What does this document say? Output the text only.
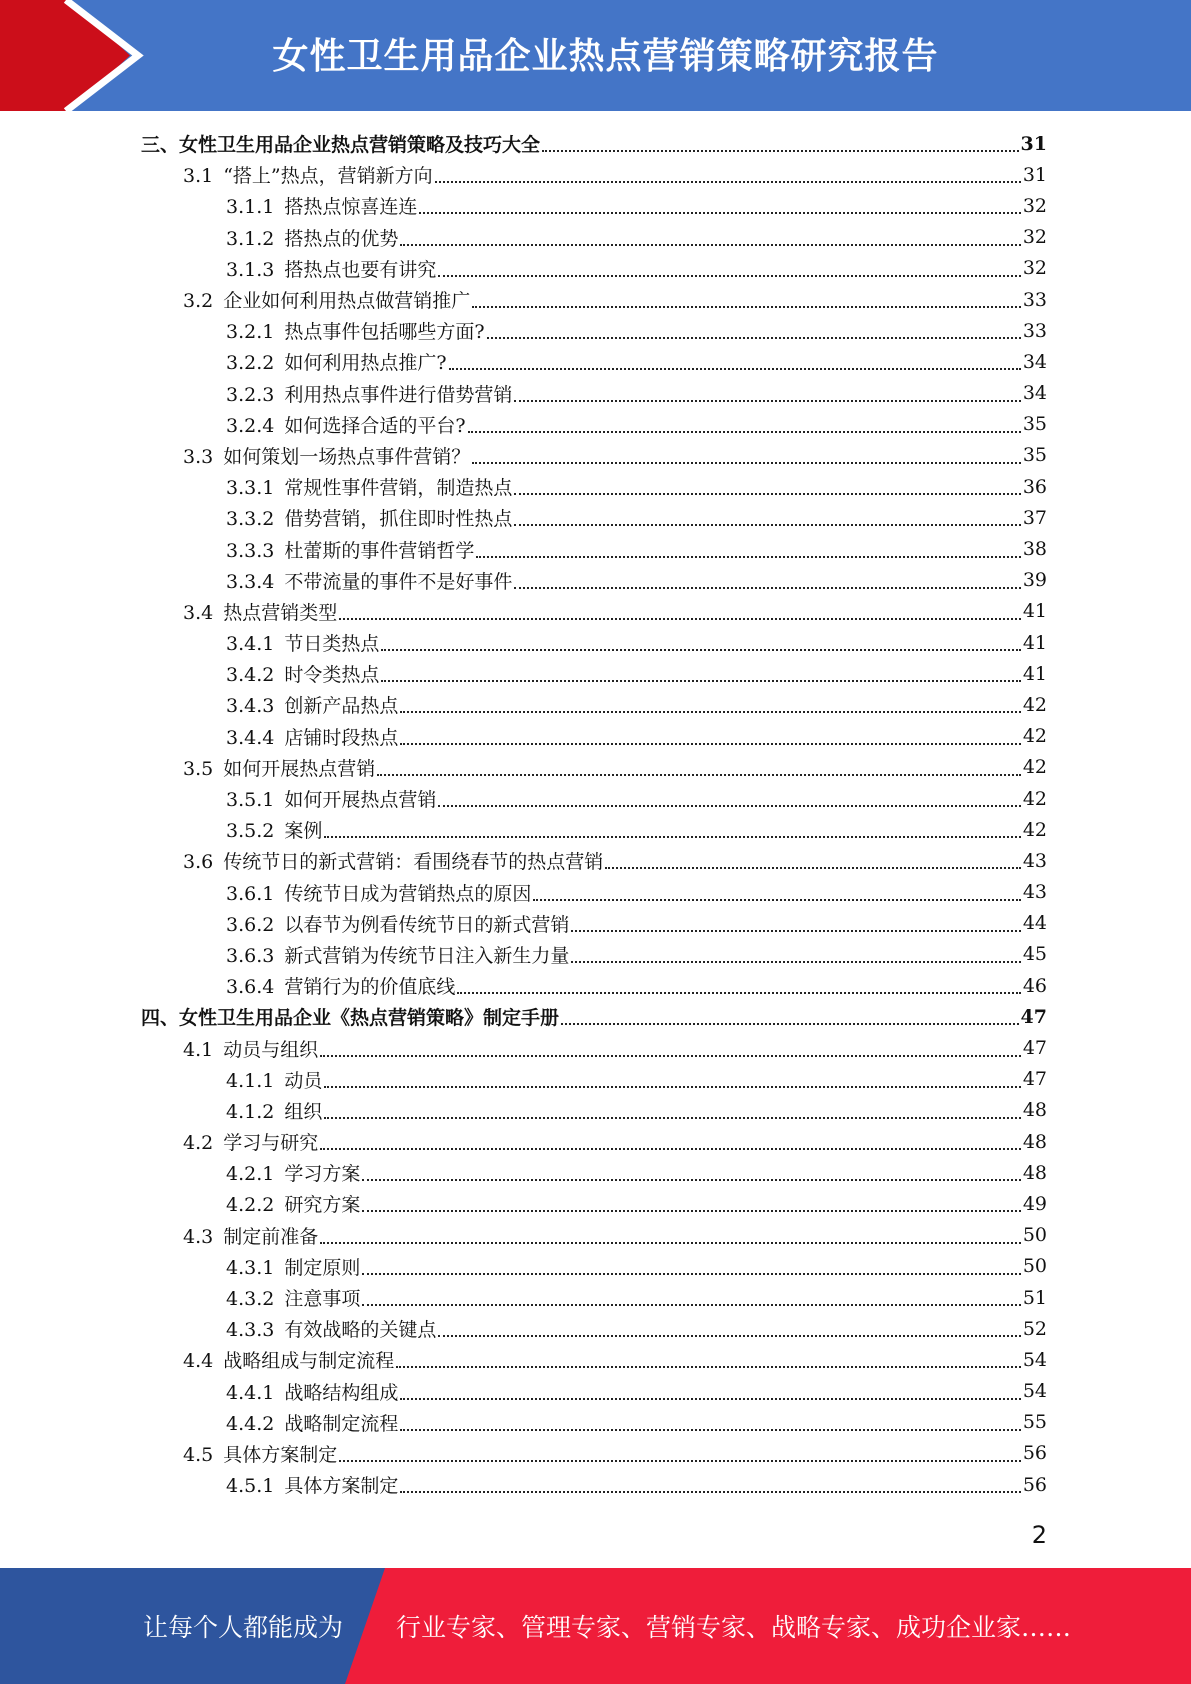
女性卫生用品企业热点营销策略研究报告
三、女性卫生用品企业热点营销策略及技巧大全	31
3.1 “搭上”热点，营销新方向	31
3.1.1 搭热点惊喜连连	32
3.1.2 搭热点的优势	32
3.1.3 搭热点也要有讲究	32
3.2 企业如何利用热点做营销推广	33
3.2.1 热点事件包括哪些方面?	33
3.2.2 如何利用热点推广?	34
3.2.3 利用热点事件进行借势营销	34
3.2.4 如何选择合适的平台?	35
3.3 如何策划一场热点事件营销？	35
3.3.1 常规性事件营销，制造热点	36
3.3.2 借势营销，抓住即时性热点	37
3.3.3 杜蕾斯的事件营销哲学	38
3.3.4 不带流量的事件不是好事件	39
3.4 热点营销类型	41
3.4.1 节日类热点	41
3.4.2 时令类热点	41
3.4.3 创新产品热点	42
3.4.4 店铺时段热点	42
3.5 如何开展热点营销	42
3.5.1 如何开展热点营销	42
3.5.2 案例	42
3.6 传统节日的新式营销：看围绕春节的热点营销	43
3.6.1 传统节日成为营销热点的原因	43
3.6.2 以春节为例看传统节日的新式营销	44
3.6.3 新式营销为传统节日注入新生力量	45
3.6.4 营销行为的价值底线	46
四、女性卫生用品企业《热点营销策略》制定手册	47
4.1 动员与组织	47
4.1.1 动员	47
4.1.2 组织	48
4.2 学习与研究	48
4.2.1 学习方案	48
4.2.2 研究方案	49
4.3 制定前准备	50
4.3.1 制定原则	50
4.3.2 注意事项	51
4.3.3 有效战略的关键点	52
4.4 战略组成与制定流程	54
4.4.1 战略结构组成	54
4.4.2 战略制定流程	55
4.5 具体方案制定	56
4.5.1 具体方案制定	56
2
让每个人都能成为 行业专家、管理专家、营销专家、战略专家、成功企业家……
